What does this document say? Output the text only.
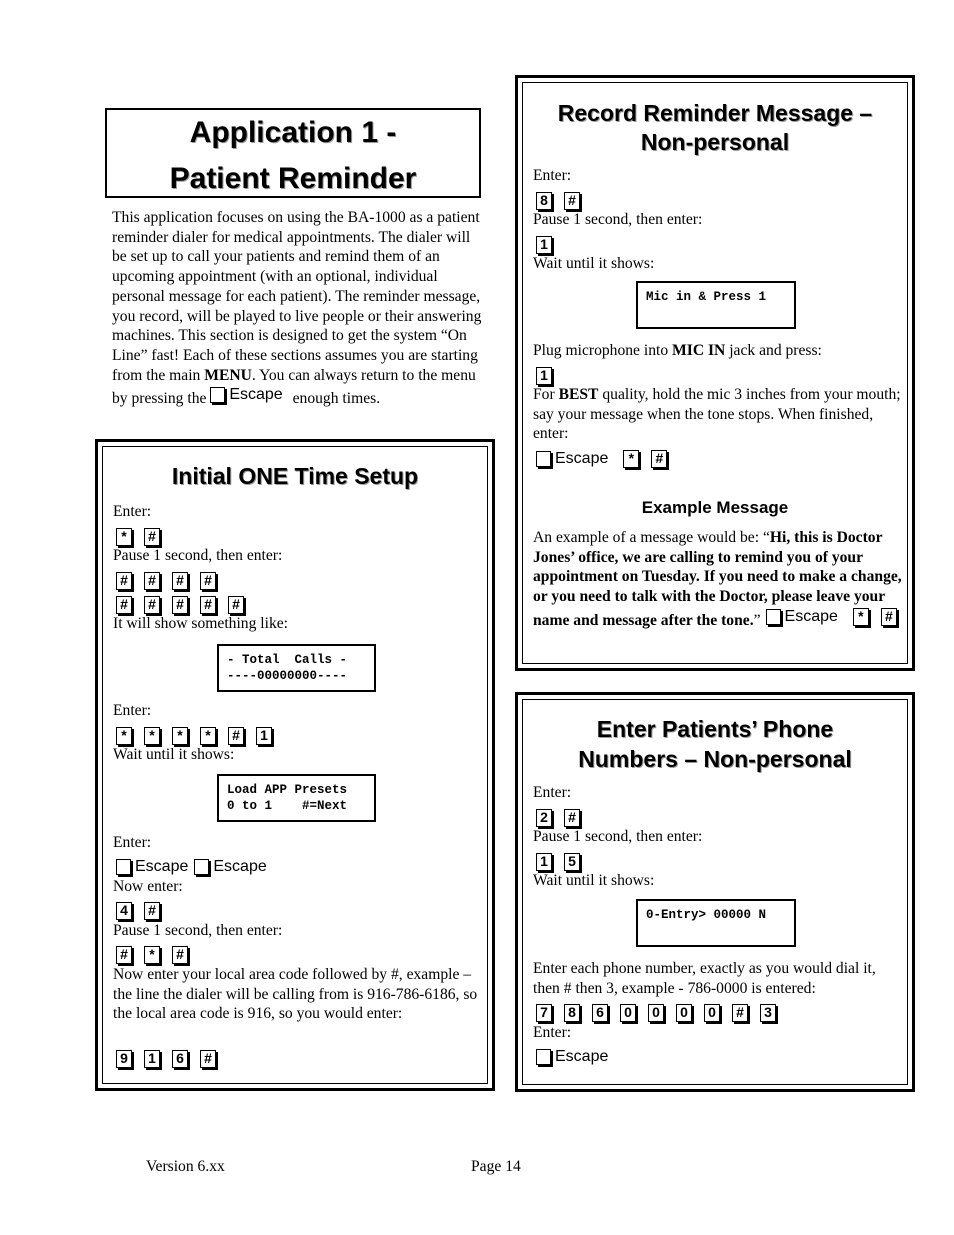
Application 1 -
Patient Reminder
This application focuses on using the BA-1000 as a patient reminder dialer for medical appointments. The dialer will be set up to call your patients and remind them of an upcoming appointment (with an optional, individual personal message for each patient). The reminder message, you record, will be played to live people or their answering machines. This section is designed to get the system “On Line” fast! Each of these sections assumes you are starting from the main MENU. You can always return to the menu by pressing the Escape enough times.
Initial ONE Time Setup
Enter:
*	#
Pause 1 second, then enter:
# # # #
# # # # #
It will show something like:
- Total  Calls -
----00000000----
Enter:
*	*	*	*	# 1
Wait until it shows:
Load APP Presets
0 to 1    #=Next
Enter:
Escape Escape
Now enter:
4 #
Pause 1 second, then enter:
#	*	#
Now enter your local area code followed by #, example – the line the dialer will be calling from is 916-786-6186, so the local area code is 916, so you would enter:
9 1 6 #
Record Reminder Message –
Non-personal
Enter:
8 #
Pause 1 second, then enter:
1
Wait until it shows:
Mic in & Press 1
Plug microphone into MIC IN jack and press:
1
For BEST quality, hold the mic 3 inches from your mouth; say your message when the tone stops. When finished, enter:
Escape	*	#
Example Message
An example of a message would be: “Hi, this is Doctor Jones’ office, we are calling to remind you of your appointment on Tuesday. If you need to make a change, or you need to talk with the Doctor, please leave your name and message after the tone.” Escape	*	#
Enter Patients’ Phone
Numbers – Non-personal
Enter:
2 #
Pause 1 second, then enter:
1 5
Wait until it shows:
0-Entry> 00000 N
Enter each phone number, exactly as you would dial it, then # then 3, example - 786-0000 is entered:
7 8 6 0 0 0 0 # 3
Enter:
Escape
Version 6.xx	Page 14
